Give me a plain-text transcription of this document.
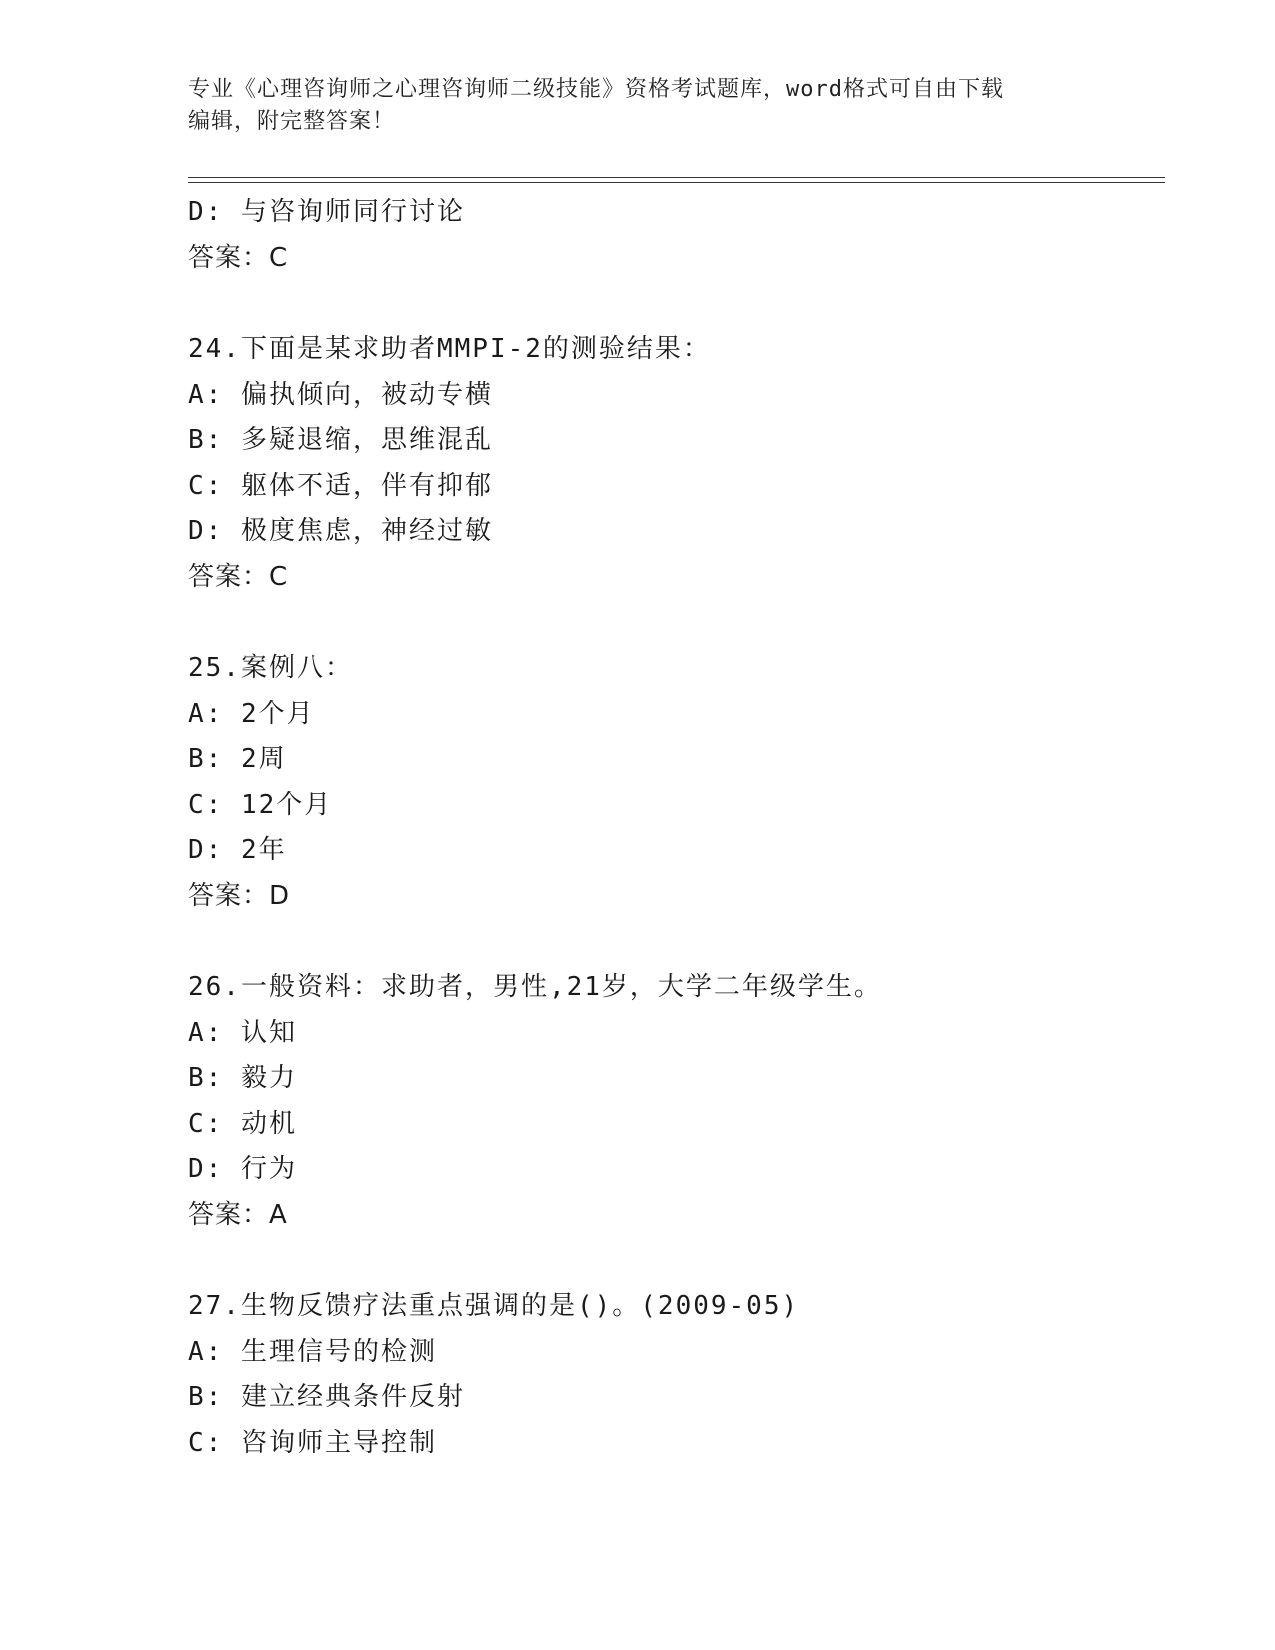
专业《心理咨询师之心理咨询师二级技能》资格考试题库，word格式可自由下载
编辑，附完整答案！
D: 与咨询师同行讨论
答案：C
24.下面是某求助者MMPI-2的测验结果：
A: 偏执倾向，被动专横
B: 多疑退缩，思维混乱
C: 躯体不适，伴有抑郁
D: 极度焦虑，神经过敏
答案：C
25.案例八：
A: 2个月
B: 2周
C: 12个月
D: 2年
答案：D
26.一般资料：求助者，男性,21岁，大学二年级学生。
A: 认知
B: 毅力
C: 动机
D: 行为
答案：A
27.生物反馈疗法重点强调的是()。(2009-05)
A: 生理信号的检测
B: 建立经典条件反射
C: 咨询师主导控制
